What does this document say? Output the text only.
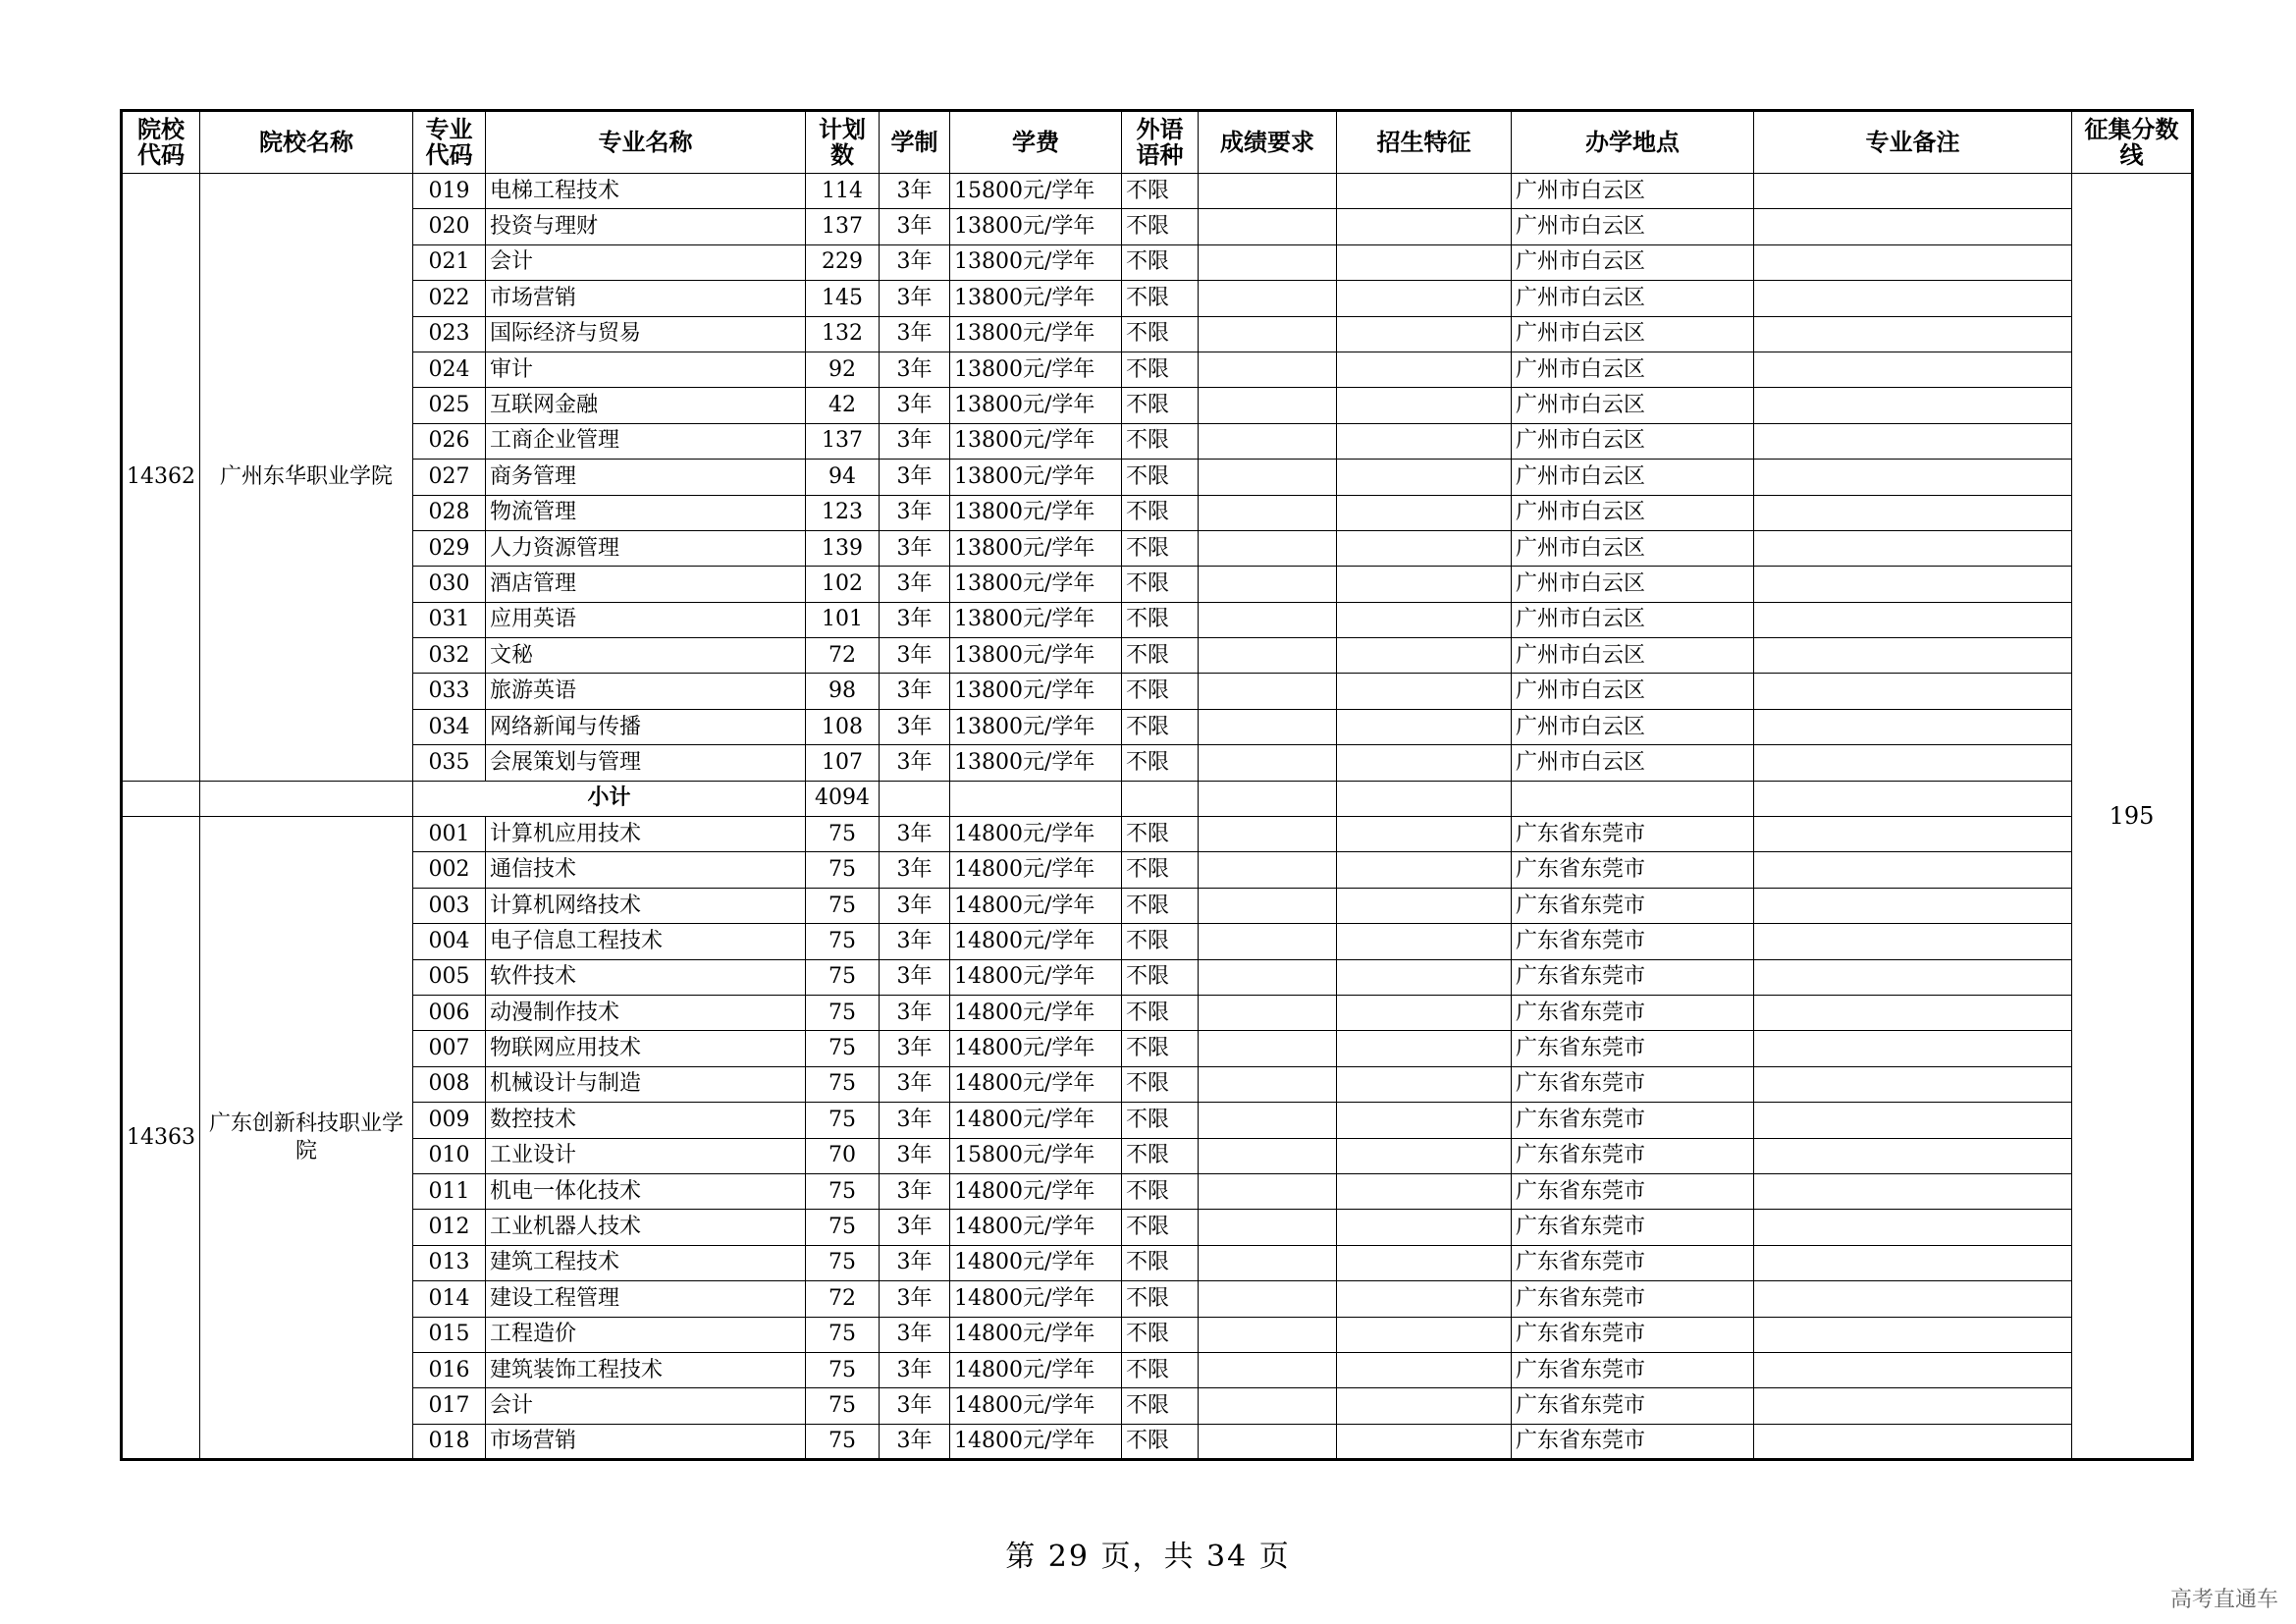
院校代码	院校名称	专业代码	专业名称	计划数	学制	学费	外语语种	成绩要求	招生特征	办学地点	专业备注	征集分数线
14362	广州东华职业学院	019	电梯工程技术	114	3年	15800元/学年	不限			广州市白云区		195
		020	投资与理财	137	3年	13800元/学年	不限			广州市白云区		
		021	会计	229	3年	13800元/学年	不限			广州市白云区		
		022	市场营销	145	3年	13800元/学年	不限			广州市白云区		
		023	国际经济与贸易	132	3年	13800元/学年	不限			广州市白云区		
		024	审计	92	3年	13800元/学年	不限			广州市白云区		
		025	互联网金融	42	3年	13800元/学年	不限			广州市白云区		
		026	工商企业管理	137	3年	13800元/学年	不限			广州市白云区		
		027	商务管理	94	3年	13800元/学年	不限			广州市白云区		
		028	物流管理	123	3年	13800元/学年	不限			广州市白云区		
		029	人力资源管理	139	3年	13800元/学年	不限			广州市白云区		
		030	酒店管理	102	3年	13800元/学年	不限			广州市白云区		
		031	应用英语	101	3年	13800元/学年	不限			广州市白云区		
		032	文秘	72	3年	13800元/学年	不限			广州市白云区		
		033	旅游英语	98	3年	13800元/学年	不限			广州市白云区		
		034	网络新闻与传播	108	3年	13800元/学年	不限			广州市白云区		
		035	会展策划与管理	107	3年	13800元/学年	不限			广州市白云区		
		小计		4094								
14363	广东创新科技职业学院	001	计算机应用技术	75	3年	14800元/学年	不限			广东省东莞市		
		002	通信技术	75	3年	14800元/学年	不限			广东省东莞市		
		003	计算机网络技术	75	3年	14800元/学年	不限			广东省东莞市		
		004	电子信息工程技术	75	3年	14800元/学年	不限			广东省东莞市		
		005	软件技术	75	3年	14800元/学年	不限			广东省东莞市		
		006	动漫制作技术	75	3年	14800元/学年	不限			广东省东莞市		
		007	物联网应用技术	75	3年	14800元/学年	不限			广东省东莞市		
		008	机械设计与制造	75	3年	14800元/学年	不限			广东省东莞市		
		009	数控技术	75	3年	14800元/学年	不限			广东省东莞市		
		010	工业设计	70	3年	15800元/学年	不限			广东省东莞市		
		011	机电一体化技术	75	3年	14800元/学年	不限			广东省东莞市		
		012	工业机器人技术	75	3年	14800元/学年	不限			广东省东莞市		
		013	建筑工程技术	75	3年	14800元/学年	不限			广东省东莞市		
		014	建设工程管理	72	3年	14800元/学年	不限			广东省东莞市		
		015	工程造价	75	3年	14800元/学年	不限			广东省东莞市		
		016	建筑装饰工程技术	75	3年	14800元/学年	不限			广东省东莞市		
		017	会计	75	3年	14800元/学年	不限			广东省东莞市		
		018	市场营销	75	3年	14800元/学年	不限			广东省东莞市		
第 29 页，共 34 页
高考直通车
